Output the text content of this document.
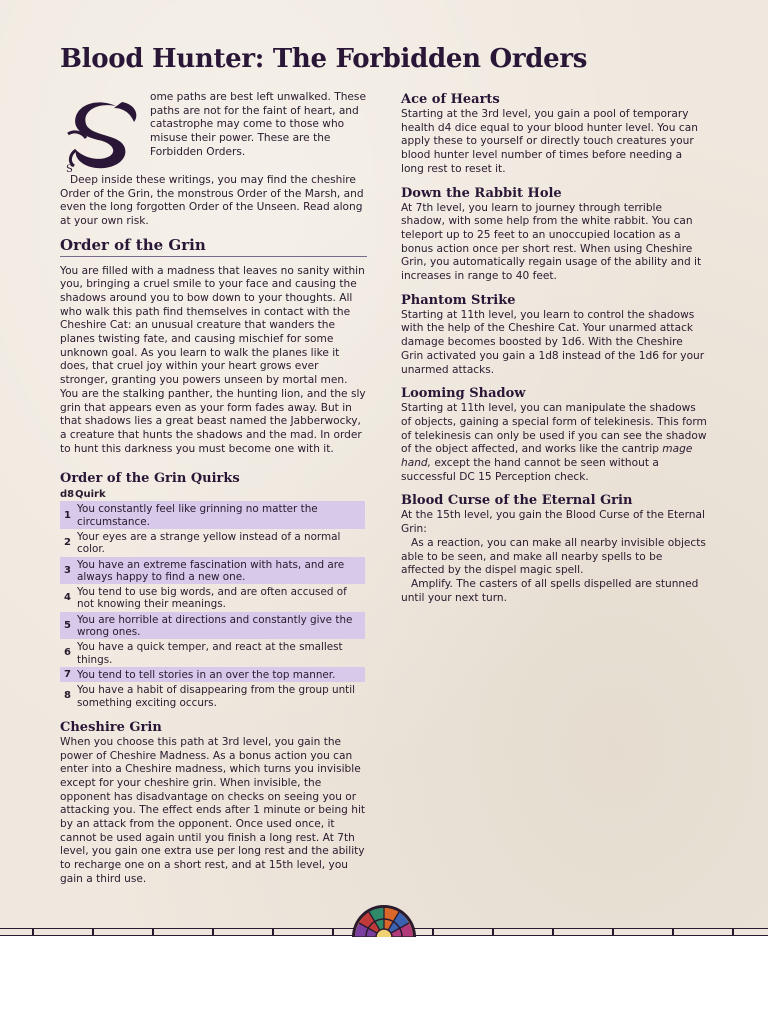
Blood Hunter: The Forbidden Orders
S

ome paths are best left unwalked. These paths are not for the faint of heart, and catastrophe may come to those who misuse their power. These are the Forbidden Orders.

Deep inside these writings, you may find the cheshire Order of the Grin, the monstrous Order of the Marsh, and even the long forgotten Order of the Unseen. Read along at your own risk.

Order of the Grin

You are filled with a madness that leaves no sanity within you, bringing a cruel smile to your face and causing the shadows around you to bow down to your thoughts. All who walk this path find themselves in contact with the Cheshire Cat: an unusual creature that wanders the planes twisting fate, and causing mischief for some unknown goal. As you learn to walk the planes like it does, that cruel joy within your heart grows ever stronger, granting you powers unseen by mortal men. You are the stalking panther, the hunting lion, and the sly grin that appears even as your form fades away. But in that shadows lies a great beast named the Jabberwocky, a creature that hunts the shadows and the mad. In order to hunt this darkness you must become one with it.

Order of the Grin Quirks
d8Quirk
1 You constantly feel like grinning no matter the circumstance.
2 Your eyes are a strange yellow instead of a normal color.
3 You have an extreme fascination with hats, and are always happy to find a new one.
4 You tend to use big words, and are often accused of not knowing their meanings.
5 You are horrible at directions and constantly give the wrong ones.
6 You have a quick temper, and react at the smallest things.
7 You tend to tell stories in an over the top manner.
8 You have a habit of disappearing from the group until something exciting occurs.
Cheshire Grin

When you choose this path at 3rd level, you gain the power of Cheshire Madness. As a bonus action you can enter into a Cheshire madness, which turns you invisible except for your cheshire grin. When invisible, the opponent has disadvantage on checks on seeing you or attacking you. The effect ends after 1 minute or being hit by an attack from the opponent. Once used once, it cannot be used again until you finish a long rest. At 7th level, you gain one extra use per long rest and the ability to recharge one on a short rest, and at 15th level, you gain a third use.

Ace of Hearts

Starting at the 3rd level, you gain a pool of temporary health d4 dice equal to your blood hunter level. You can apply these to yourself or directly touch creatures your blood hunter level number of times before needing a long rest to reset it.

Down the Rabbit Hole

At 7th level, you learn to journey through terrible shadow, with some help from the white rabbit. You can teleport up to 25 feet to an unoccupied location as a bonus action once per short rest. When using Cheshire Grin, you automatically regain usage of the ability and it increases in range to 40 feet.

Phantom Strike

Starting at 11th level, you learn to control the shadows with the help of the Cheshire Cat. Your unarmed attack damage becomes boosted by 1d6. With the Cheshire Grin activated you gain a 1d8 instead of the 1d6 for your unarmed attacks.

Looming Shadow

Starting at 11th level, you can manipulate the shadows of objects, gaining a special form of telekinesis. This form of telekinesis can only be used if you can see the shadow of the object affected, and works like the cantrip mage hand, except the hand cannot be seen without a successful DC 15 Perception check.

Blood Curse of the Eternal Grin

At the 15th level, you gain the Blood Curse of the Eternal Grin:

As a reaction, you can make all nearby invisible objects able to be seen, and make all nearby spells to be affected by the dispel magic spell.

Amplify. The casters of all spells dispelled are stunned until your next turn.
